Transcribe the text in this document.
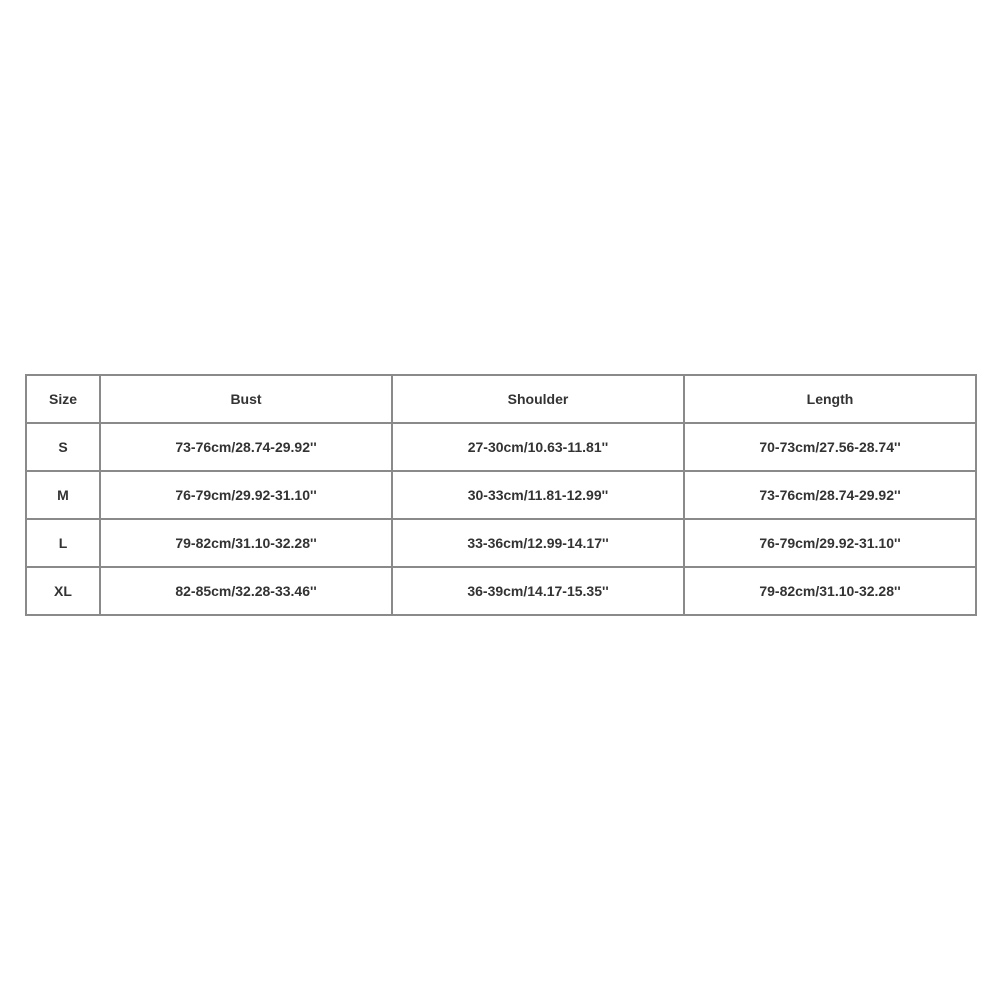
Size	Bust	Shoulder	Length
S	73-76cm/28.74-29.92''	27-30cm/10.63-11.81''	70-73cm/27.56-28.74''
M	76-79cm/29.92-31.10''	30-33cm/11.81-12.99''	73-76cm/28.74-29.92''
L	79-82cm/31.10-32.28''	33-36cm/12.99-14.17''	76-79cm/29.92-31.10''
XL	82-85cm/32.28-33.46''	36-39cm/14.17-15.35''	79-82cm/31.10-32.28''
